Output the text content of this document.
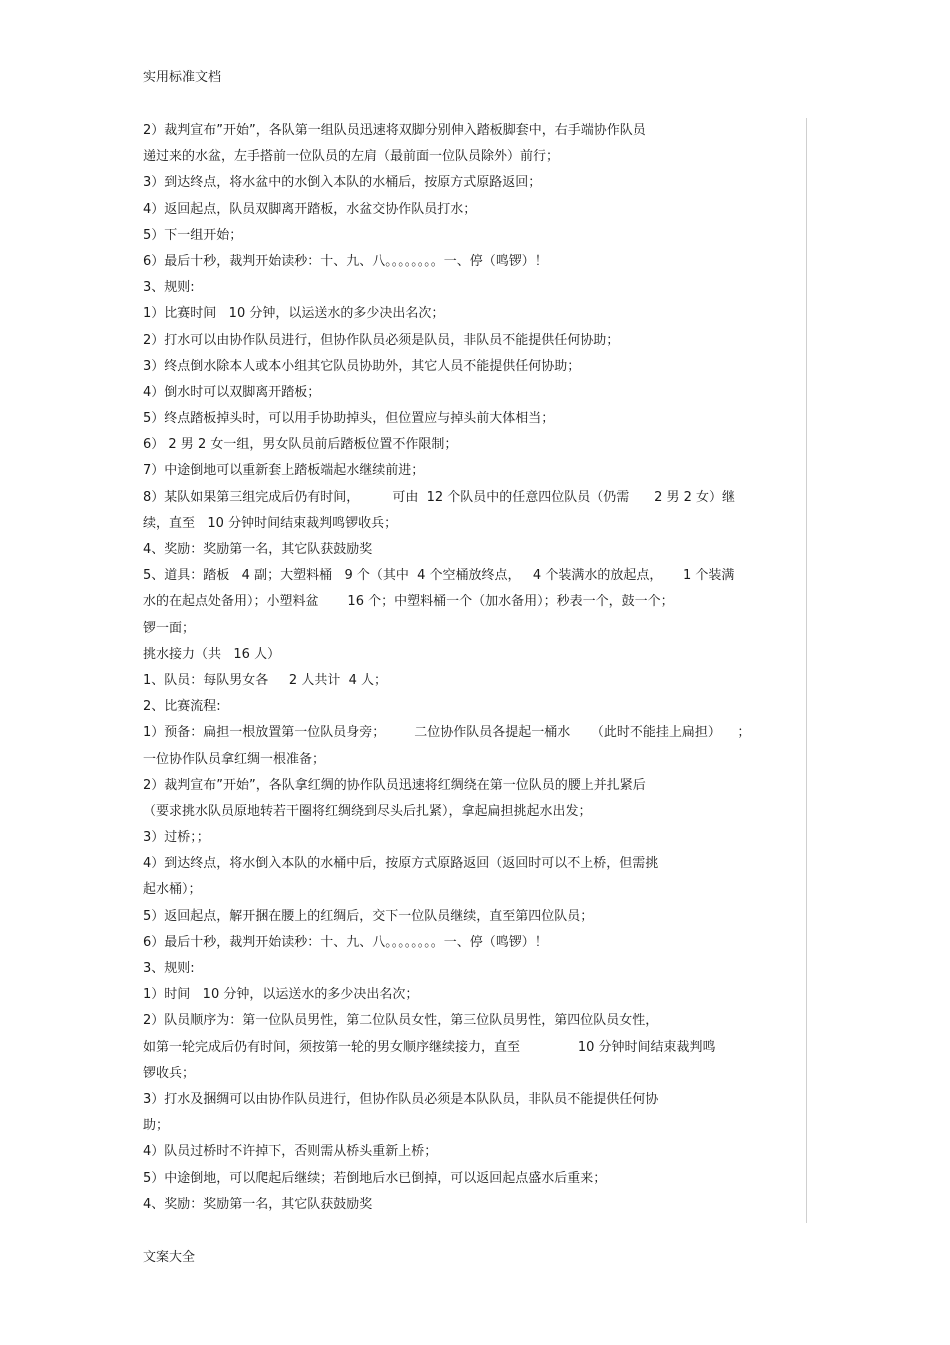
实用标准文档
2）裁判宣布”开始”，各队第一组队员迅速将双脚分别伸入踏板脚套中，右手端协作队员
递过来的水盆，左手搭前一位队员的左肩（最前面一位队员除外）前行；
3）到达终点，将水盆中的水倒入本队的水桶后，按原方式原路返回；
4）返回起点，队员双脚离开踏板，水盆交协作队员打水；
5）下一组开始；
6）最后十秒，裁判开始读秒：十、九、八。。。。。。。。一、停（鸣锣）！
3、规则:
1）比赛时间   10 分钟，以运送水的多少决出名次；
2）打水可以由协作队员进行，但协作队员必须是队员，非队员不能提供任何协助；
3）终点倒水除本人或本小组其它队员协助外，其它人员不能提供任何协助；
4）倒水时可以双脚离开踏板；
5）终点踏板掉头时，可以用手协助掉头，但位置应与掉头前大体相当；
6） 2 男 2 女一组，男女队员前后踏板位置不作限制；
7）中途倒地可以重新套上踏板端起水继续前进；
8）某队如果第三组完成后仍有时间，        可由  12 个队员中的任意四位队员（仍需      2 男 2 女）继
续，直至   10 分钟时间结束裁判鸣锣收兵；
4、奖励：奖励第一名，其它队获鼓励奖
5、道具：踏板   4 副；大塑料桶   9 个（其中  4 个空桶放终点，   4 个装满水的放起点，     1 个装满
水的在起点处备用）；小塑料盆       16 个；中塑料桶一个（加水备用）；秒表一个，鼓一个；
锣一面；
挑水接力（共   16 人）
1、队员：每队男女各     2 人共计  4 人；
2、比赛流程:
1）预备：扁担一根放置第一位队员身旁；       二位协作队员各提起一桶水     （此时不能挂上扁担）    ；
一位协作队员拿红绸一根准备；
2）裁判宣布”开始”，各队拿红绸的协作队员迅速将红绸绕在第一位队员的腰上并扎紧后
（要求挑水队员原地转若干圈将红绸绕到尽头后扎紧），拿起扁担挑起水出发；
3）过桥；；
4）到达终点，将水倒入本队的水桶中后，按原方式原路返回（返回时可以不上桥，但需挑
起水桶）；
5）返回起点，解开捆在腰上的红绸后，交下一位队员继续，直至第四位队员；
6）最后十秒，裁判开始读秒：十、九、八。。。。。。。。一、停（鸣锣）！
3、规则:
1）时间   10 分钟，以运送水的多少决出名次；
2）队员顺序为：第一位队员男性，第二位队员女性，第三位队员男性，第四位队员女性，
如第一轮完成后仍有时间，须按第一轮的男女顺序继续接力，直至              10 分钟时间结束裁判鸣
锣收兵；
3）打水及捆绸可以由协作队员进行，但协作队员必须是本队队员，非队员不能提供任何协
助；
4）队员过桥时不许掉下，否则需从桥头重新上桥；
5）中途倒地，可以爬起后继续；若倒地后水已倒掉，可以返回起点盛水后重来；
4、奖励：奖励第一名，其它队获鼓励奖
文案大全
